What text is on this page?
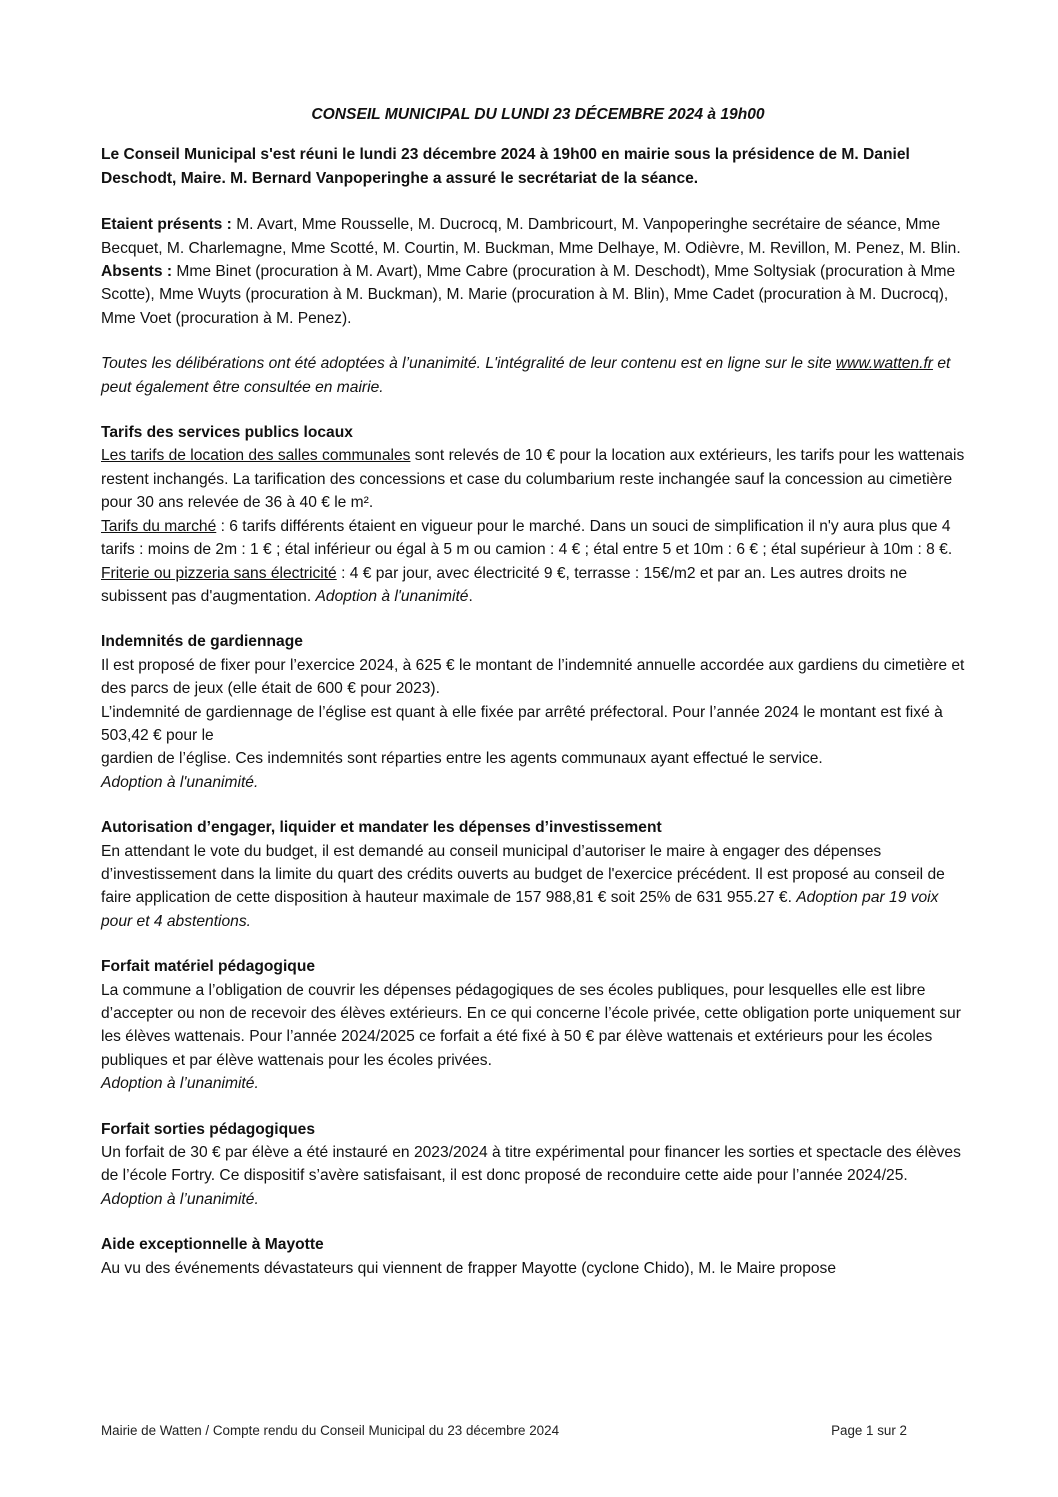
CONSEIL MUNICIPAL DU LUNDI 23 DÉCEMBRE 2024 à 19h00

Le Conseil Municipal s'est réuni le lundi 23 décembre 2024 à 19h00 en mairie sous la présidence de M. Daniel Deschodt, Maire. M. Bernard Vanpoperinghe a assuré le secrétariat de la séance.

Etaient présents : M. Avart, Mme Rousselle, M. Ducrocq, M. Dambricourt, M. Vanpoperinghe secrétaire de séance, Mme Becquet, M. Charlemagne, Mme Scotté, M. Courtin, M. Buckman, Mme Delhaye, M. Odièvre, M. Revillon, M. Penez, M. Blin.

Absents : Mme Binet (procuration à M. Avart), Mme Cabre (procuration à M. Deschodt), Mme Soltysiak (procuration à Mme Scotte), Mme Wuyts (procuration à M. Buckman), M. Marie (procuration à M. Blin), Mme Cadet (procuration à M. Ducrocq), Mme Voet (procuration à M. Penez).

Toutes les délibérations ont été adoptées à l’unanimité. L'intégralité de leur contenu est en ligne sur le site www.watten.fr et peut également être consultée en mairie.

Tarifs des services publics locaux

Les tarifs de location des salles communales sont relevés de 10 € pour la location aux extérieurs, les tarifs pour les wattenais restent inchangés. La tarification des concessions et case du columbarium reste inchangée sauf la concession au cimetière pour 30 ans relevée de 36 à 40 € le m².

Tarifs du marché : 6 tarifs différents étaient en vigueur pour le marché. Dans un souci de simplification il n'y aura plus que 4 tarifs : moins de 2m : 1 € ; étal inférieur ou égal à 5 m ou camion : 4 € ; étal entre 5 et 10m : 6 € ; étal supérieur à 10m : 8 €.

Friterie ou pizzeria sans électricité : 4 € par jour, avec électricité 9 €, terrasse : 15€/m2 et par an. Les autres droits ne subissent pas d'augmentation. Adoption à l'unanimité.

Indemnités de gardiennage

Il est proposé de fixer pour l’exercice 2024, à 625 € le montant de l’indemnité annuelle accordée aux gardiens du cimetière et des parcs de jeux (elle était de 600 € pour 2023).

L’indemnité de gardiennage de l’église est quant à elle fixée par arrêté préfectoral. Pour l’année 2024 le montant est fixé à 503,42 € pour le

gardien de l’église. Ces indemnités sont réparties entre les agents communaux ayant effectué le service.

Adoption à l'unanimité.

Autorisation d’engager, liquider et mandater les dépenses d’investissement

En attendant le vote du budget, il est demandé au conseil municipal d’autoriser le maire à engager des dépenses d’investissement dans la limite du quart des crédits ouverts au budget de l'exercice précédent. Il est proposé au conseil de faire application de cette disposition à hauteur maximale de 157 988,81 € soit 25% de 631 955.27 €. Adoption par 19 voix pour et 4 abstentions.

Forfait matériel pédagogique

La commune a l’obligation de couvrir les dépenses pédagogiques de ses écoles publiques, pour lesquelles elle est libre d’accepter ou non de recevoir des élèves extérieurs. En ce qui concerne l’école privée, cette obligation porte uniquement sur les élèves wattenais. Pour l’année 2024/2025 ce forfait a été fixé à 50 € par élève wattenais et extérieurs pour les écoles publiques et par élève wattenais pour les écoles privées.

Adoption à l’unanimité.

Forfait sorties pédagogiques

Un forfait de 30 € par élève a été instauré en 2023/2024 à titre expérimental pour financer les sorties et spectacle des élèves de l’école Fortry. Ce dispositif s’avère satisfaisant, il est donc proposé de reconduire cette aide pour l’année 2024/25. Adoption à l’unanimité.

Aide exceptionnelle à Mayotte

Au vu des événements dévastateurs qui viennent de frapper Mayotte (cyclone Chido), M. le Maire propose

Mairie de Watten / Compte rendu du Conseil Municipal du 23 décembre 2024	Page 1 sur 2
